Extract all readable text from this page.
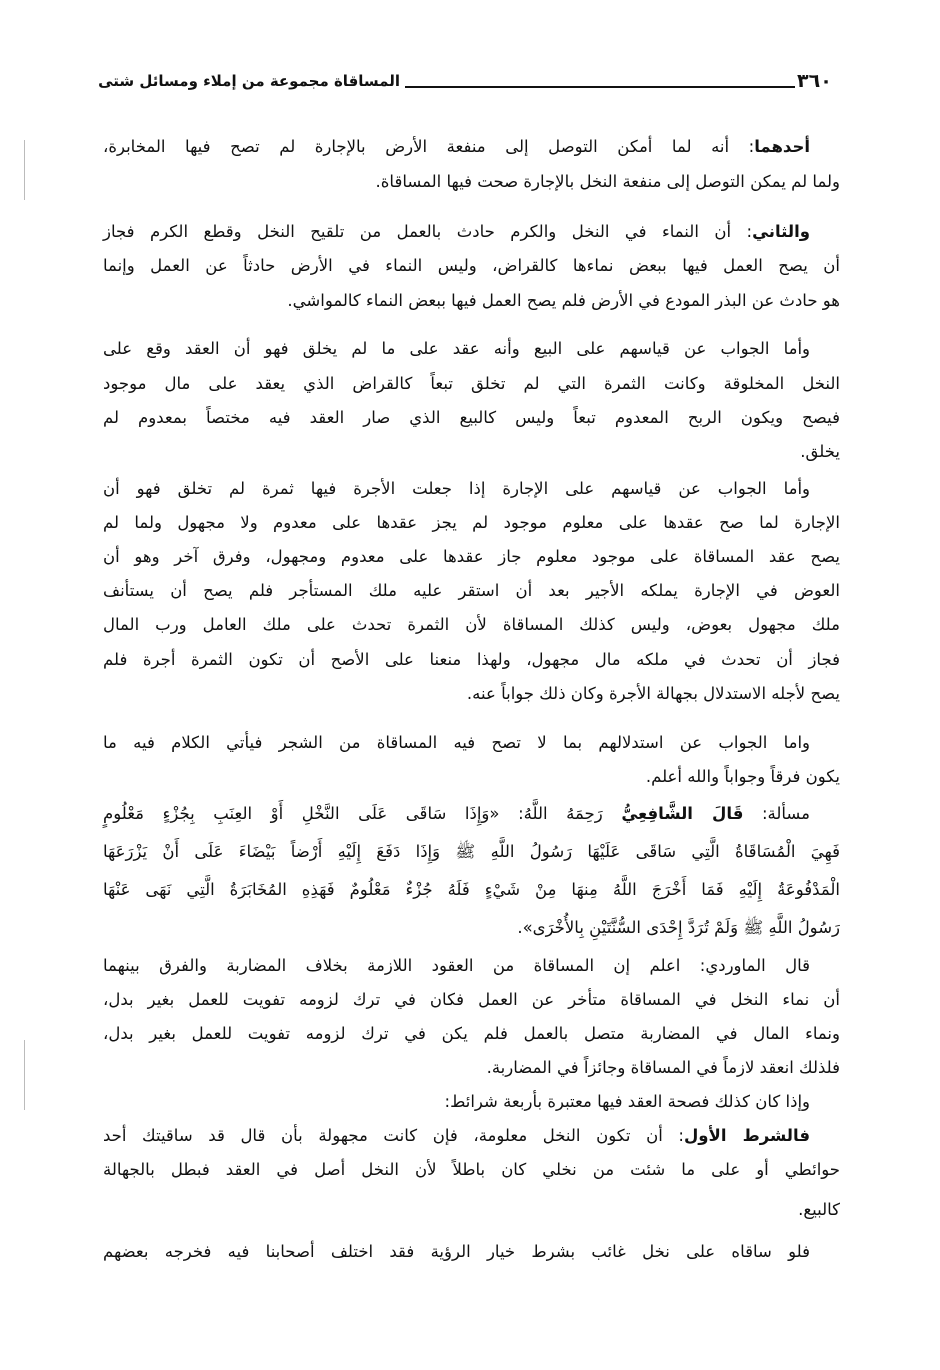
٣٦٠
المساقاة مجموعة من إملاء ومسائل شتى
أحدهما: أنه لما أمكن التوصل إلى منفعة الأرض بالإجارة لم تصح فيها المخابرة،
ولما لم يمكن التوصل إلى منفعة النخل بالإجارة صحت فيها المساقاة.
والثاني: أن النماء في النخل والكرم حادث بالعمل من تلقيح النخل وقطع الكرم فجاز
أن يصح العمل فيها ببعض نماءها كالقراض، وليس النماء في الأرض حادثاً عن العمل وإنما
هو حادث عن البذر المودع في الأرض فلم يصح العمل فيها ببعض النماء كالمواشي.
وأما الجواب عن قياسهم على البيع وأنه عقد على ما لم يخلق فهو أن العقد وقع على
النخل المخلوقة وكانت الثمرة التي لم تخلق تبعاً كالقراض الذي يعقد على مال موجود
فيصح ويكون الربح المعدوم تبعاً وليس كالبيع الذي صار العقد فيه مختصاً بمعدوم لم
يخلق.
وأما الجواب عن قياسهم على الإجارة إذا جعلت الأجرة فيها ثمرة لم تخلق فهو أن
الإجارة لما صح عقدها على معلوم موجود لم يجز عقدها على معدوم ولا مجهول ولما لم
يصح عقد المساقاة على موجود معلوم جاز عقدها على معدوم ومجهول، وفرق آخر وهو أن
العوض في الإجارة يملكه الأجير بعد أن استقر عليه ملك المستأجر فلم يصح أن يستأنف
ملك مجهول بعوض، وليس كذلك المساقاة لأن الثمرة تحدث على ملك العامل ورب المال
فجاز أن تحدث في ملكه مال مجهول، ولهذا منعنا على الأصح أن تكون الثمرة أجرة فلم
يصح لأجله الاستدلال بجهالة الأجرة وكان ذلك جواباً عنه.
واما الجواب عن استدلالهم بما لا تصح فيه المساقاة من الشجر فيأتي الكلام فيه ما
يكون فرقاً وجواباً والله أعلم.
مسألة: قَالَ الشَّافِعِيُّ رَحِمَهُ اللَّهُ: «وَإِذَا سَاقَى عَلَى النَّخْلِ أَوْ العِنَبِ بِجُزْءٍ مَعْلُومٍ
فَهِيَ الْمُسَاقَاةُ الَّتِي سَاقَى عَلَيْهَا رَسُولُ اللَّهِ ﷺ وَإِذَا دَفَعَ إِلَيْهِ أَرْضاً بَيْضَاءَ عَلَى أَنْ يَزْرَعَهَا
الْمَدْفُوعَةُ إِلَيْهِ فَمَا أَخْرَجَ اللَّهُ مِنهَا مِنْ شَيْءٍ فَلَهُ جُزْءٌ مَعْلُومٌ فَهَذِهِ المُخَابَرَةُ الَّتِي نَهَى عَنْهَا
رَسُولُ اللَّهِ ﷺ وَلَمْ تُرَدَّ إِحْدَى السُّنَّتَيْنِ بِالأُخْرَى».
قال الماوردي: اعلم إن المساقاة من العقود اللازمة بخلاف المضاربة والفرق بينهما
أن نماء النخل في المساقاة متأخر عن العمل فكان في ترك لزومه تفويت للعمل بغير بدل،
ونماء المال في المضاربة متصل بالعمل فلم يكن في ترك لزومه تفويت للعمل بغير بدل،
فلذلك انعقد لازماً في المساقاة وجائزاً في المضاربة.
وإذا كان كذلك فصحة العقد فيها معتبرة بأربعة شرائط:
فالشرط الأول: أن تكون النخل معلومة، فإن كانت مجهولة بأن قال قد ساقيتك أحد
حوائطي أو على ما شئت من نخلي كان باطلاً لأن النخل أصل في العقد فبطل بالجهالة
كالبيع.
فلو ساقاه على نخل غائب بشرط خيار الرؤية فقد اختلف أصحابنا فيه فخرجه بعضهم
